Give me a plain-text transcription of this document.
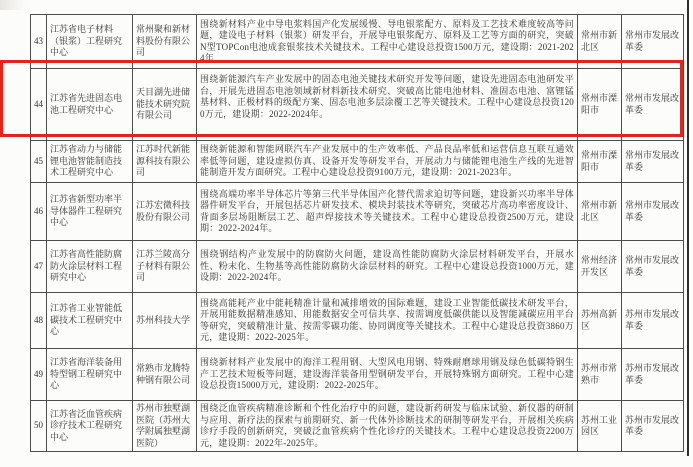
43	江苏省电子材料（银浆）工程研究中心	常州聚和新材料股份有限公司	围绕新材料产业中导电浆料国产化发展缓慢、导电银浆配方、原料及工艺技术难度较高等问题，建设电子材料（银浆）研发平台，开展导电银浆配方、原料及工艺等方面的研究，突破N型TOPCon电池成套银浆技术关键技术。工程中心建设总投资1500万元，建设期：2021-2024年	常州市新北区	常州市发展改革委
44	江苏省先进固态电池工程研究中心	天目湖先进储能技术研究院有限公司	围绕新能源汽车产业发展中的固态电池关键技术研究开发等问题，建设先进固态电池研发平台，开展先进固态电池领域新材料新技术研究、突破高比能电池材料、准固态电池、富锂锰基材料、正极材料的级配方案、固态电池多层涂覆工艺等关键技术。工程中心建设总投资1200万元，建设期：2022-2024年。	常州市溧阳市	常州市发展改革委
45	江苏省动力与储能锂电池智能制造技术工程研究中心	江苏时代新能源科技有限公司	围绕新能源和智能网联汽车产业发展中的生产效率低、产品良品率低和运营信息互联互通效率低等问题，建设虚拟仿真、设备开发等研发平台，开展动力与储能锂电池生产线的先进智能制造开发方面研究。工程中心建设总投资9100万元，建设期：2021-2023年。	常州市溧阳市	常州市发展改革委
46	江苏省新型功率半导体器件工程研究中心	江苏宏微科技股份有限公司	围绕高端功率半导体芯片等第三代半导体国产化替代需求迫切等问题，建设新兴功率半导体器件研发平台，开展包括芯片研发技术、模块封装技术等研究，突破芯片高功率密度设计、背面多层场阻断层工艺、超声焊接技术等关键技术。工程中心建设总投资2500万元，建设期：2022-2024年。	常州市新北区	常州市发展改革委
47	江苏省高性能防腐防火涂层材料工程研究中心	江苏兰陵高分子材料有限公司	围绕钢结构产业发展中的防腐防火问题，建设高性能防腐防火涂层材料研发平台，开展水性、粉末化、生物基等高性能防腐防火涂层材料的研究。工程中心建设总投资1000万元，建设期：2022-2024年。	常州经济开发区	常州市发展改革委
48	江苏省工业智能低碳技术工程研究中心	苏州科技大学	围绕高能耗产业中能耗精准计量和减排增效的国际难题，建设工业智能低碳技术研发平台，开展用能数据精准感知、用能数据安全可信共享、按需调度低碳供能以及智能减碳应用平台等研究，突破精准计量、按需零碳功能、协同调度等关键技术。工程中心建设总投资3860万元，建设期：2022-2025年。	苏州高新区	苏州市发展改革委
49	江苏省海洋装备用特型钢工程研究中心	常熟市龙腾特种钢有限公司	围绕新材料产业发展中的海洋工程用钢、大型风电用钢、特殊耐磨球用钢及绿色低碳特钢生产工艺技术短板等问题，建设海洋装备用型钢研发平台，开展特殊钢方面研究。工程中心建设总投资15000万元，建设期：2022-2025年。	苏州市常熟市	苏州市发展改革委
50	江苏省泛血管疾病诊疗技术工程研究中心	苏州市独墅湖医院（苏州大学附属独墅湖医院）	围绕泛血管疾病精准诊断和个性化治疗中的问题，建设新药研发与临床试验、新仪器的研制与应用、新疗法的探索与前期研究、新一代体外诊断技术的研制等研发平台，开展相关疾病诊疗手段的创新研究，突破泛血管疾病个性化诊疗的关键技术。工程中心建设总投资2200万元，建设期：2022年-2025年。	苏州工业园区	苏州市发展改革委
